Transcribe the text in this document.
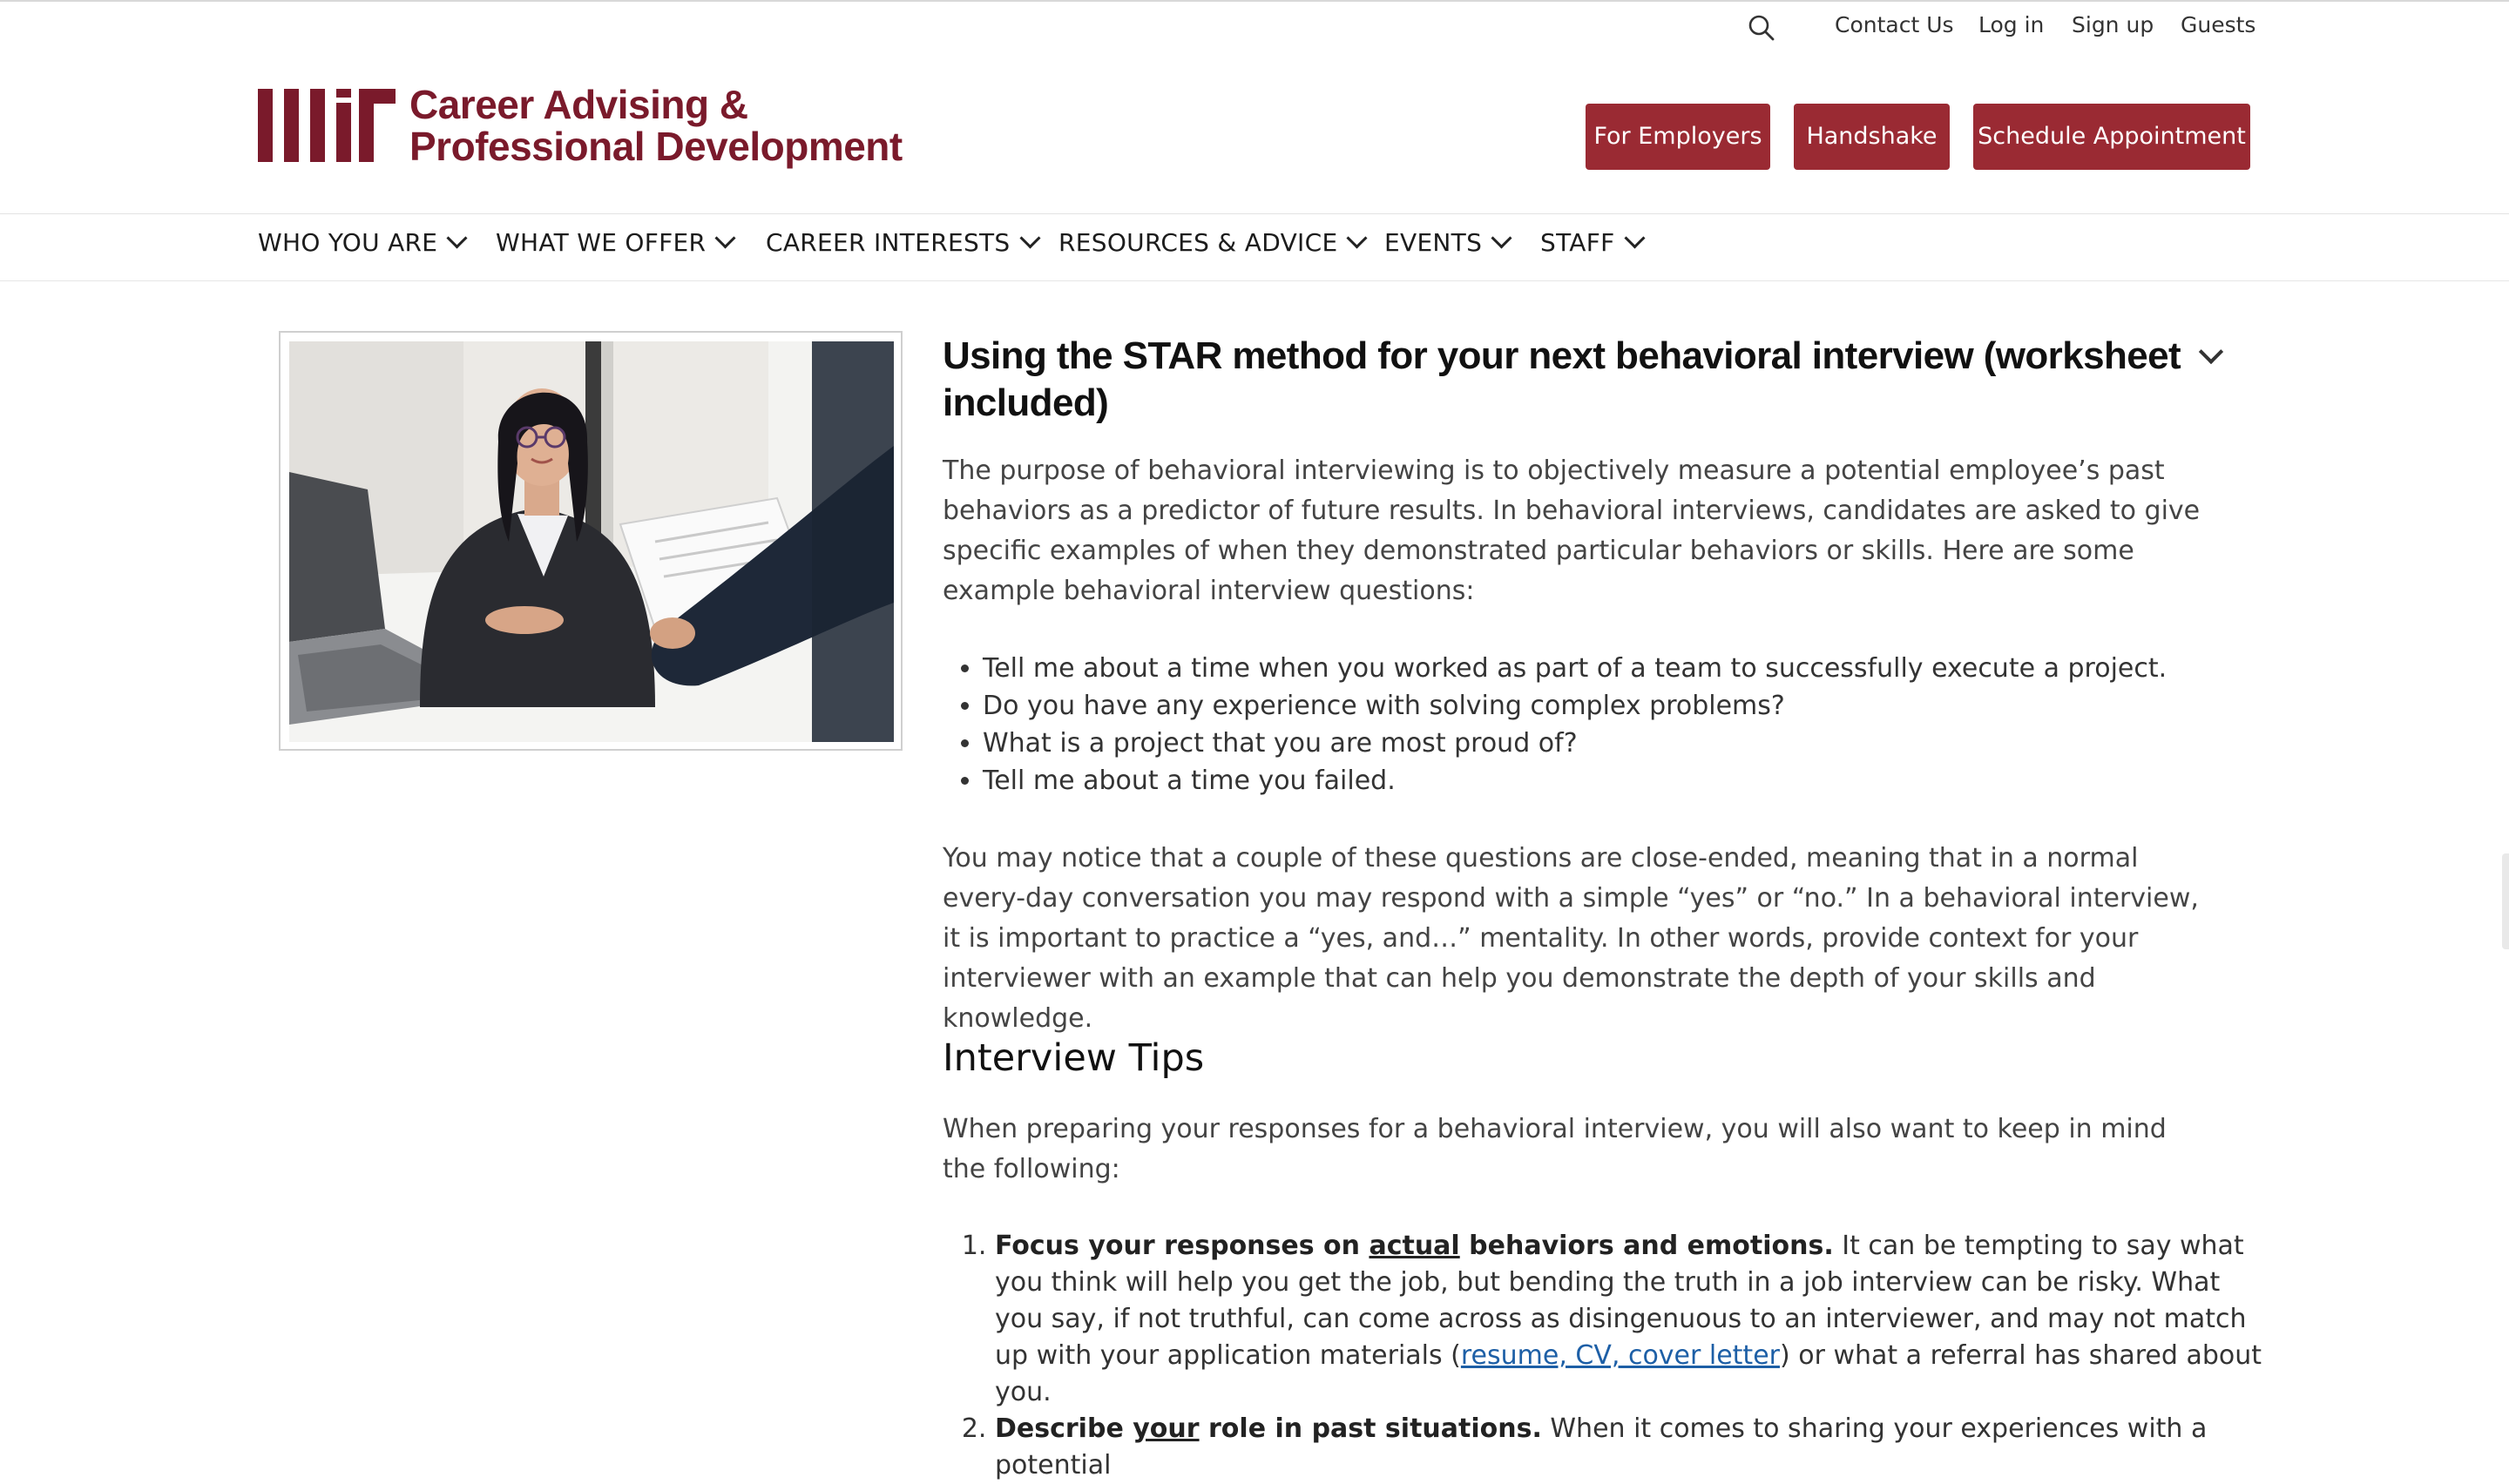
Contact Us Log in Sign up Guests
Career Advising &
Professional Development	For Employers	Handshake	Schedule Appointment
WHO YOU ARE	WHAT WE OFFER	CAREER INTERESTS	RESOURCES & ADVICE	EVENTS	STAFF
Using the STAR method for your next behavioral interview (worksheet included)

The purpose of behavioral interviewing is to objectively measure a potential employee’s past behaviors as a predictor of future results. In behavioral interviews, candidates are asked to give specific examples of when they demonstrated particular behaviors or skills. Here are some example behavioral interview questions:

• Tell me about a time when you worked as part of a team to successfully execute a project.
• Do you have any experience with solving complex problems?
• What is a project that you are most proud of?
• Tell me about a time you failed.

You may notice that a couple of these questions are close-ended, meaning that in a normal every-day conversation you may respond with a simple “yes” or “no.” In a behavioral interview, it is important to practice a “yes, and…” mentality. In other words, provide context for your interviewer with an example that can help you demonstrate the depth of your skills and knowledge.

Interview Tips

When preparing your responses for a behavioral interview, you will also want to keep in mind the following:

1. Focus your responses on actual behaviors and emotions. It can be tempting to say what you think will help you get the job, but bending the truth in a job interview can be risky. What you say, if not truthful, can come across as disingenuous to an interviewer, and may not match up with your application materials (resume, CV, cover letter) or what a referral has shared about you.
2. Describe your role in past situations. When it comes to sharing your experiences with a potential
